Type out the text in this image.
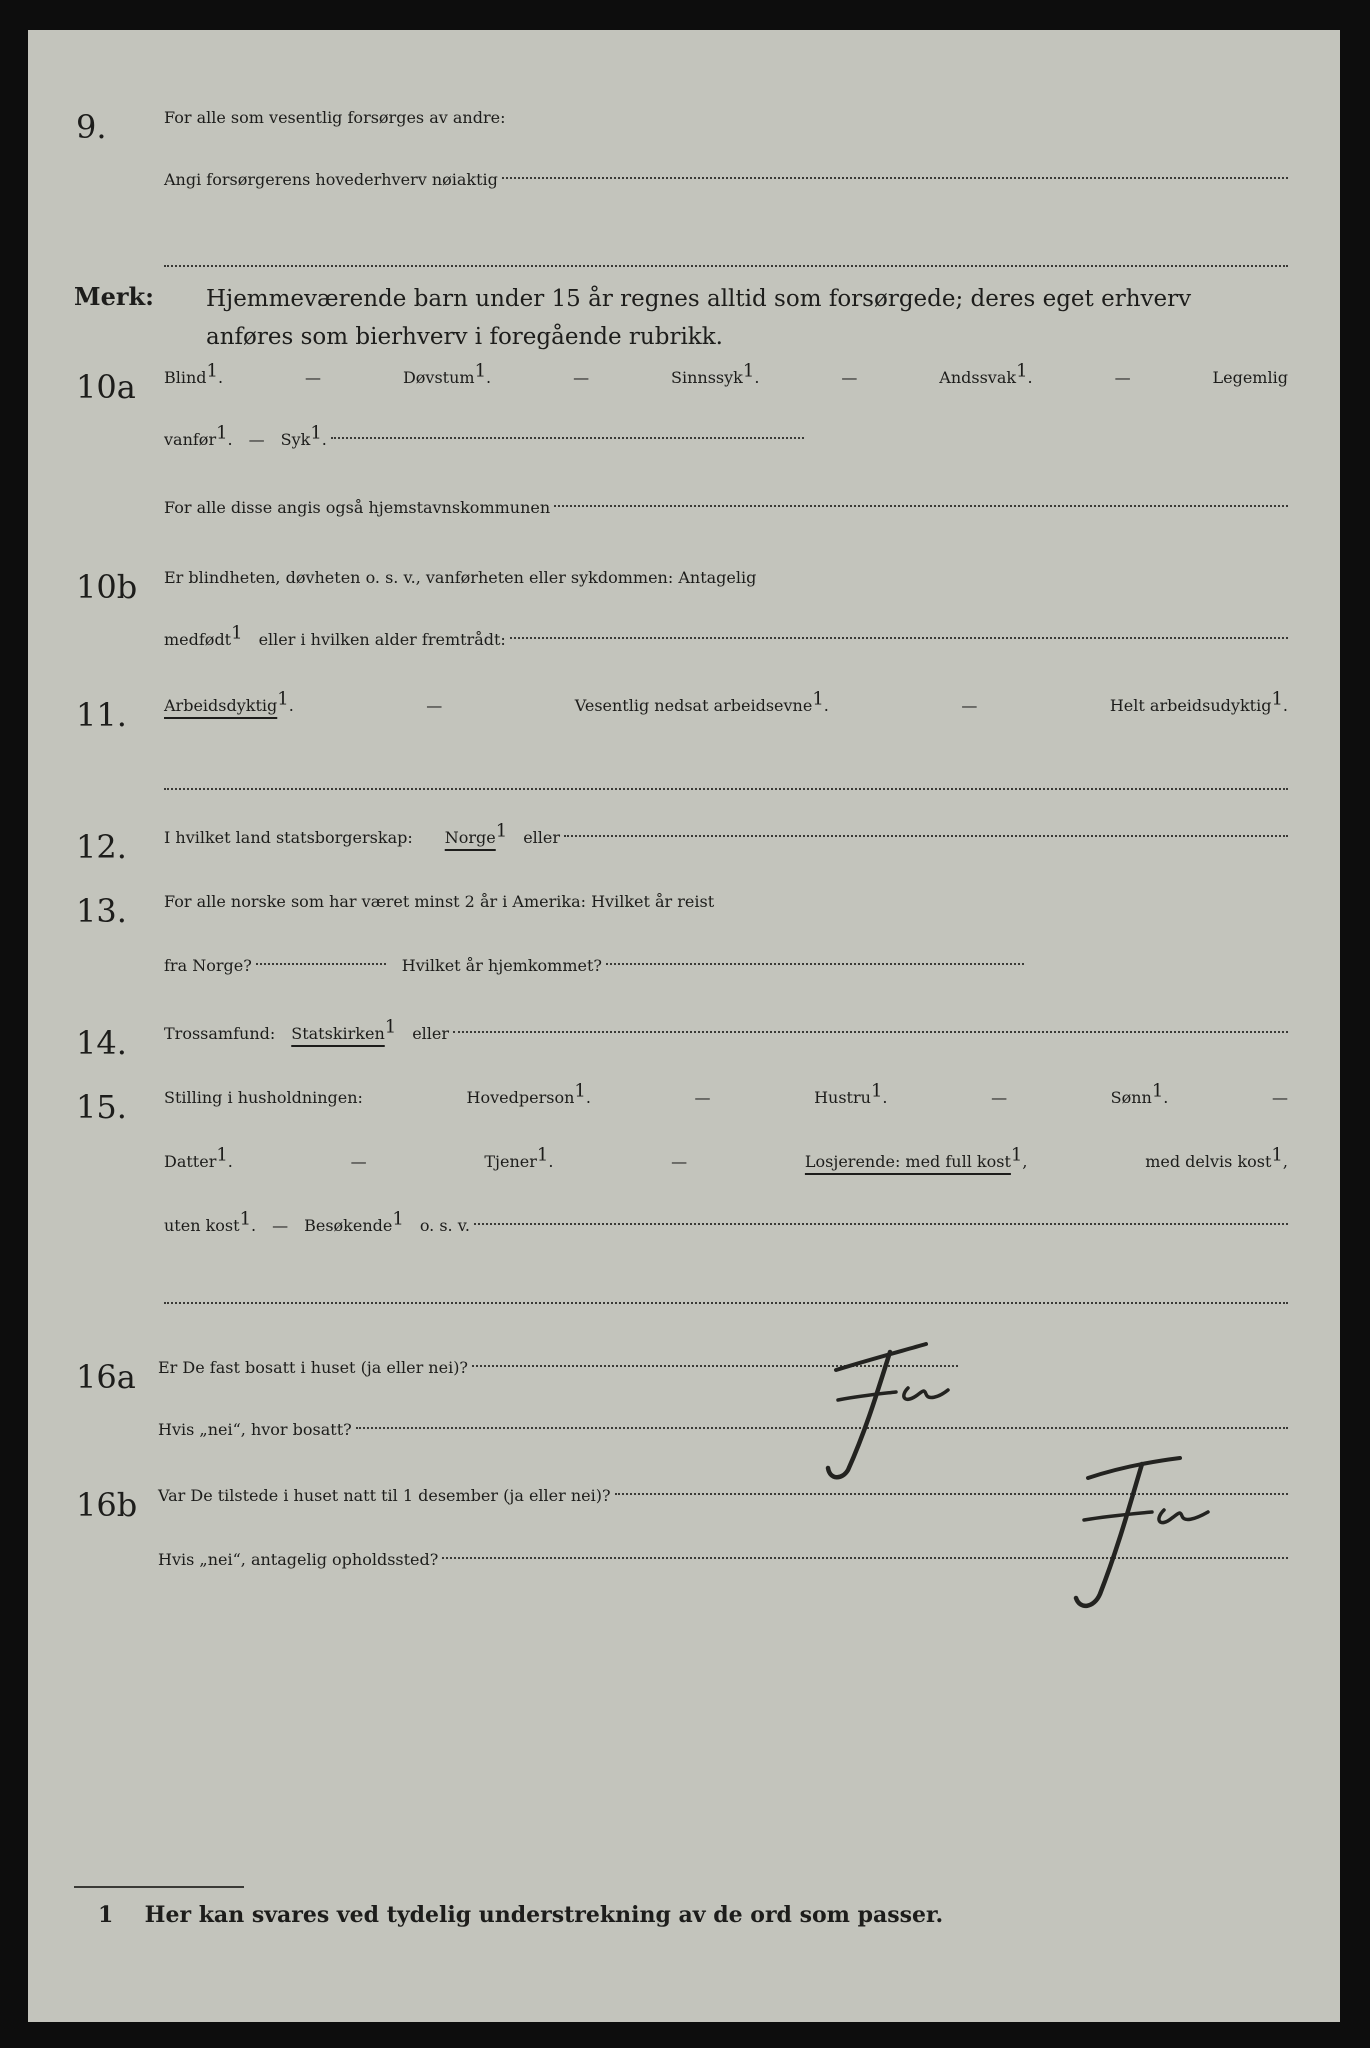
9.	For alle som vesentlig forsørges av andre:
Angi forsørgerens hovederhverv nøiaktig
Merk: Hjemmeværende barn under 15 år regnes alltid som forsørgede; deres eget erhverv
anføres som bierhverv i foregående rubrikk.
10a Blind1.	—	Døvstum1.	—	Sinnssyk1.	—	Andssvak1.	—	Legemlig
vanfør1. — Syk1.
For alle disse angis også hjemstavnskommunen
10b Er blindheten, døvheten o. s. v., vanførheten eller sykdommen: Antagelig
medfødt1 eller i hvilken alder fremtrådt:
11. Arbeidsdyktig1.	—	Vesentlig nedsat arbeidsevne1.	—	Helt arbeidsudyktig1.
12. I hvilket land statsborgerskap: Norge1 eller
13. For alle norske som har været minst 2 år i Amerika: Hvilket år reist
fra Norge?	Hvilket år hjemkommet?
14. Trossamfund: Statskirken1 eller
15. Stilling i husholdningen:	Hovedperson1.	—	Hustru1.	—	Sønn1.	—
Datter1.	—	Tjener1.	—	Losjerende: med full kost1,	med delvis kost1,
uten kost1. — Besøkende1 o. s. v.
16a Er De fast bosatt i huset (ja eller nei)?
Hvis „nei“, hvor bosatt?
16b Var De tilstede i huset natt til 1 desember (ja eller nei)?
Hvis „nei“, antagelig opholdssted?
1 Her kan svares ved tydelig understrekning av de ord som passer.
